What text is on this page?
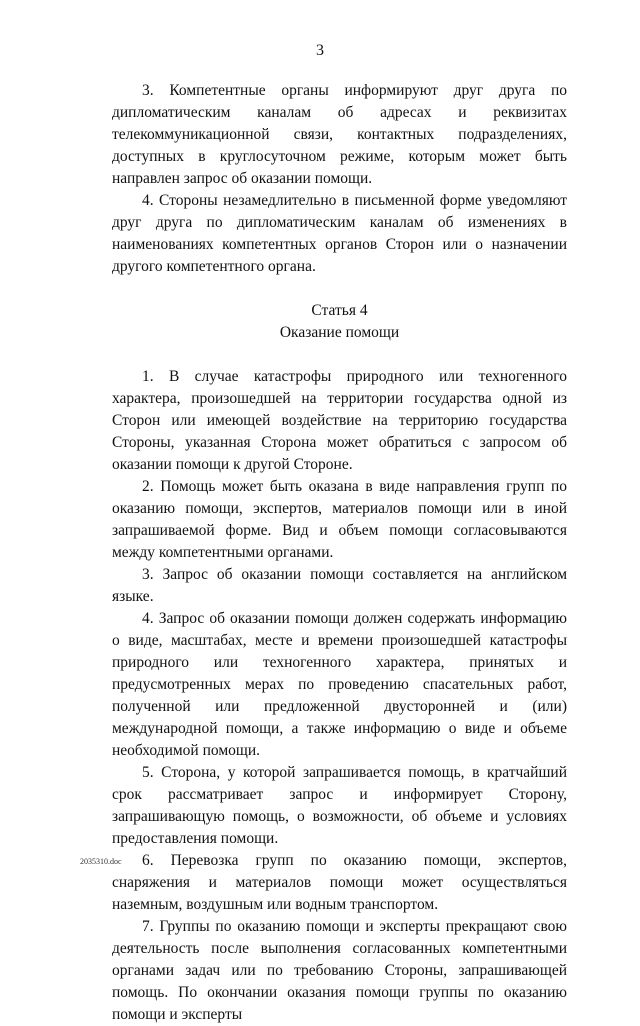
3

3. Компетентные органы информируют друг друга по дипломатическим каналам об адресах и реквизитах телекоммуникационной связи, контактных подразделениях, доступных в круглосуточном режиме, которым может быть направлен запрос об оказании помощи.

4. Стороны незамедлительно в письменной форме уведомляют друг друга по дипломатическим каналам об изменениях в наименованиях компетентных органов Сторон или о назначении другого компетентного органа.

Статья 4

Оказание помощи

1. В случае катастрофы природного или техногенного характера, произошедшей на территории государства одной из Сторон или имеющей воздействие на территорию государства Стороны, указанная Сторона может обратиться с запросом об оказании помощи к другой Стороне.

2. Помощь может быть оказана в виде направления групп по оказанию помощи, экспертов, материалов помощи или в иной запрашиваемой форме. Вид и объем помощи согласовываются между компетентными органами.

3. Запрос об оказании помощи составляется на английском языке.

4. Запрос об оказании помощи должен содержать информацию о виде, масштабах, месте и времени произошедшей катастрофы природного или техногенного характера, принятых и предусмотренных мерах по проведению спасательных работ, полученной или предложенной двусторонней и (или) международной помощи, а также информацию о виде и объеме необходимой помощи.

5. Сторона, у которой запрашивается помощь, в кратчайший срок рассматривает запрос и информирует Сторону, запрашивающую помощь, о возможности, об объеме и условиях предоставления помощи.

6. Перевозка групп по оказанию помощи, экспертов, снаряжения и материалов помощи может осуществляться наземным, воздушным или водным транспортом.

7. Группы по оказанию помощи и эксперты прекращают свою деятельность после выполнения согласованных компетентными органами задач или по требованию Стороны, запрашивающей помощь. По окончании оказания помощи группы по оказанию помощи и эксперты

2035310.doc
